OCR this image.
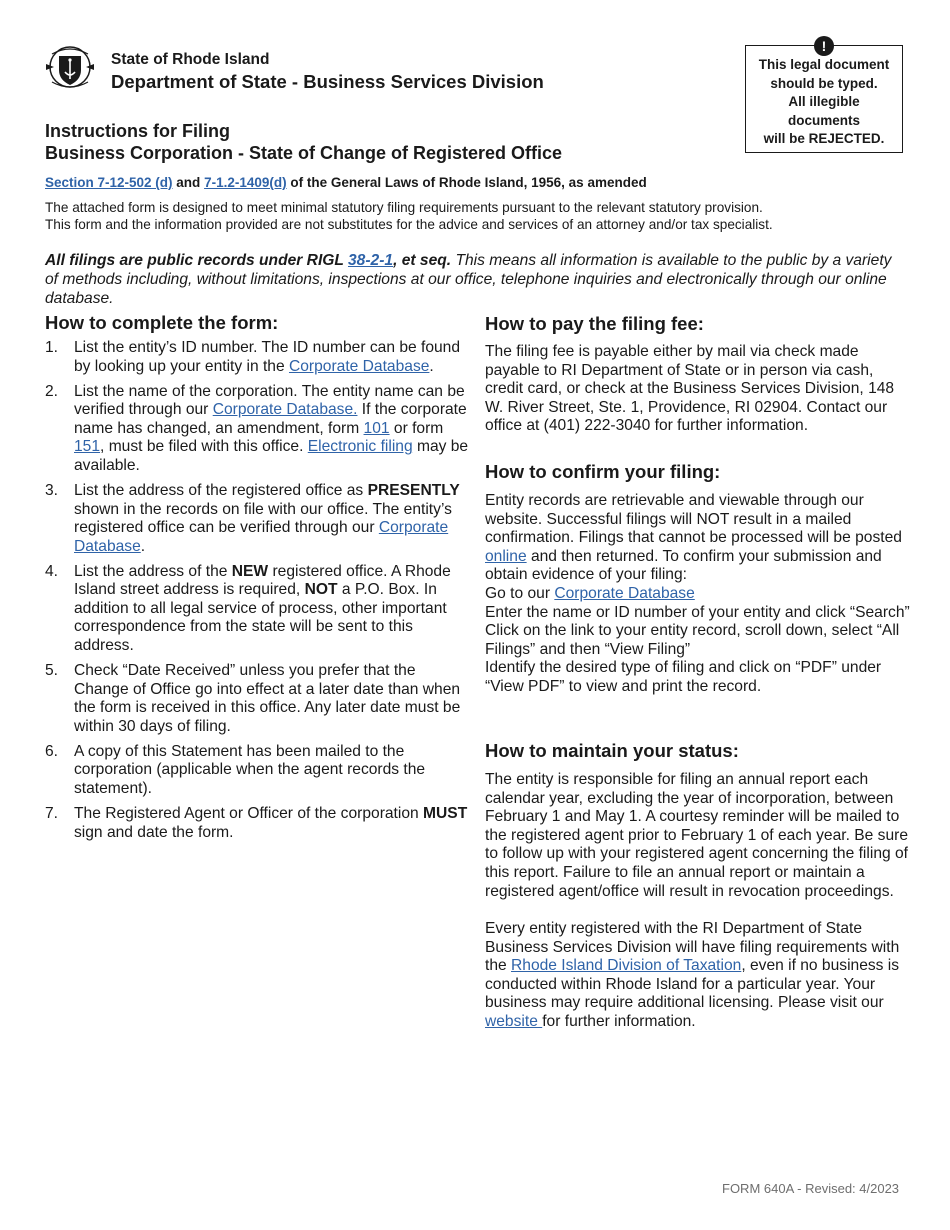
State of Rhode Island
Department of State - Business Services Division
!
This legal document
should be typed.
All illegible
documents
will be REJECTED.
Instructions for Filing
Business Corporation - State of Change of Registered Office
Section 7-12-502 (d) and 7-1.2-1409(d) of the General Laws of Rhode Island, 1956, as amended
The attached form is designed to meet minimal statutory filing requirements pursuant to the relevant statutory provision.
This form and the information provided are not substitutes for the advice and services of an attorney and/or tax specialist.
All filings are public records under RIGL 38-2-1, et seq. This means all information is available to the public by a variety of methods including, without limitations, inspections at our office, telephone inquiries and electronically through our online database.
How to complete the form:
1. List the entity’s ID number. The ID number can be found by looking up your entity in the Corporate Database.
2. List the name of the corporation. The entity name can be verified through our Corporate Database. If the corporate name has changed, an amendment, form 101 or form 151, must be filed with this office. Electronic filing may be available.
3. List the address of the registered office as PRESENTLY shown in the records on file with our office. The entity’s registered office can be verified through our Corporate Database.
4. List the address of the NEW registered office. A Rhode Island street address is required, NOT a P.O. Box. In addition to all legal service of process, other important correspondence from the state will be sent to this address.
5. Check “Date Received” unless you prefer that the Change of Office go into effect at a later date than when the form is received in this office. Any later date must be within 30 days of filing.
6. A copy of this Statement has been mailed to the corporation (applicable when the agent records the statement).
7. The Registered Agent or Officer of the corporation MUST sign and date the form.
How to pay the filing fee:
The filing fee is payable either by mail via check made payable to RI Department of State or in person via cash, credit card, or check at the Business Services Division, 148 W. River Street, Ste. 1, Providence, RI 02904. Contact our office at (401) 222-3040 for further information.
How to confirm your filing:
Entity records are retrievable and viewable through our website. Successful filings will NOT result in a mailed confirmation. Filings that cannot be processed will be posted online and then returned. To confirm your submission and obtain evidence of your filing:
Go to our Corporate Database
Enter the name or ID number of your entity and click “Search”
Click on the link to your entity record, scroll down, select “All Filings” and then “View Filing”
Identify the desired type of filing and click on “PDF” under “View PDF” to view and print the record.
How to maintain your status:
The entity is responsible for filing an annual report each calendar year, excluding the year of incorporation, between February 1 and May 1. A courtesy reminder will be mailed to the registered agent prior to February 1 of each year. Be sure to follow up with your registered agent concerning the filing of this report. Failure to file an annual report or maintain a registered agent/office will result in revocation proceedings.
Every entity registered with the RI Department of State Business Services Division will have filing requirements with the Rhode Island Division of Taxation, even if no business is conducted within Rhode Island for a particular year. Your business may require additional licensing. Please visit our website for further information.
FORM 640A - Revised: 4/2023
